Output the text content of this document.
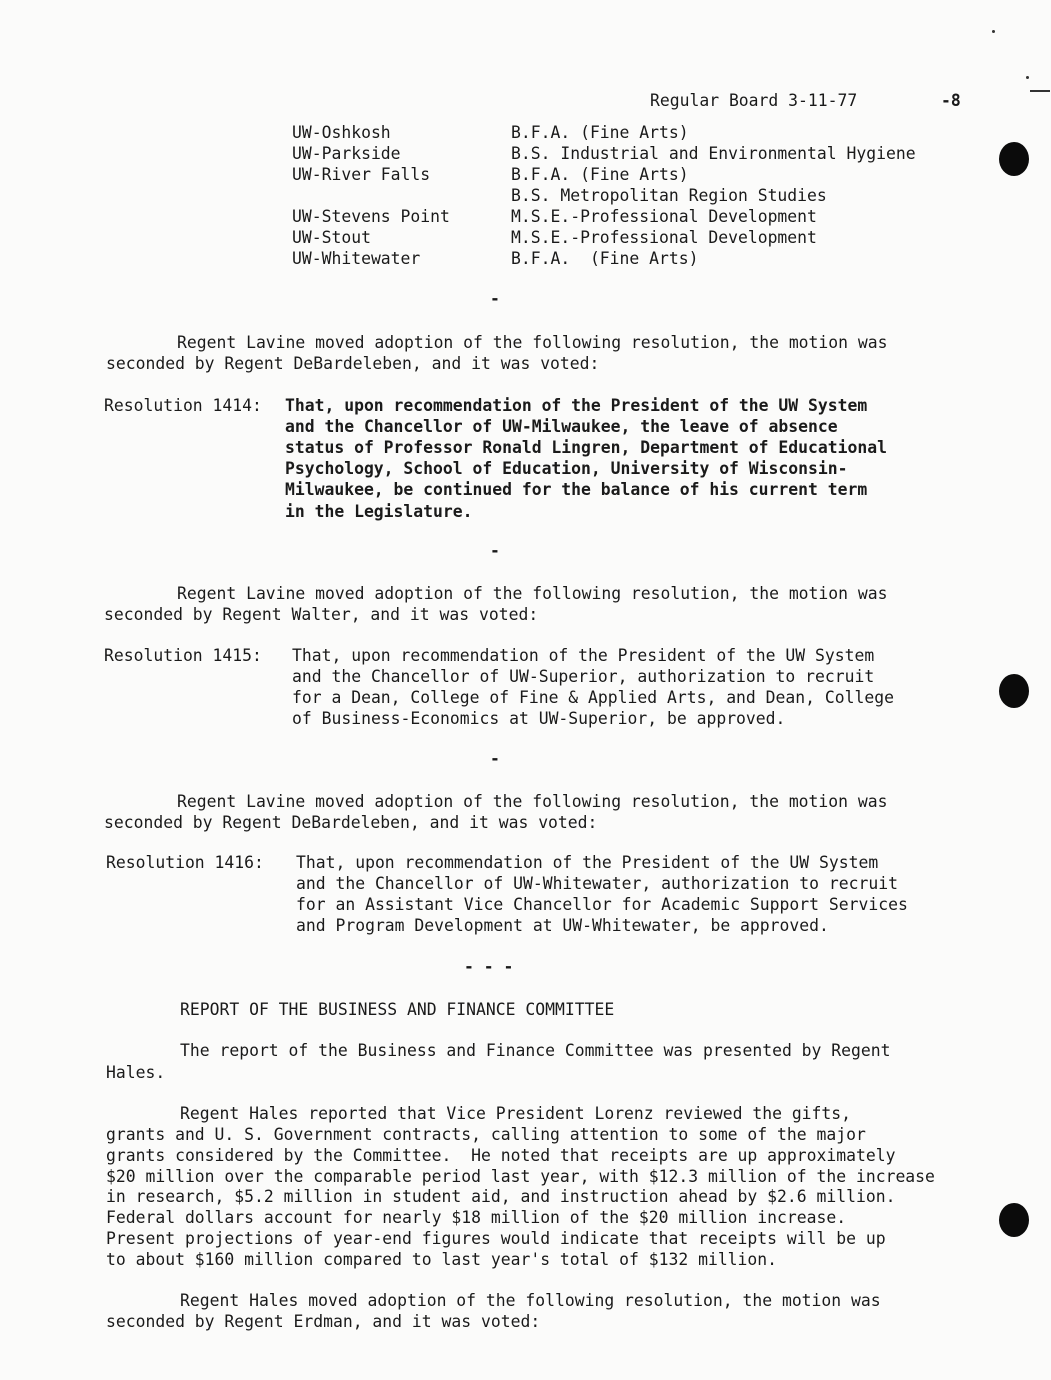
Regular Board 3-11-77	-8
UW-Oshkosh	B.F.A. (Fine Arts)
UW-Parkside	B.S. Industrial and Environmental Hygiene
UW-River Falls	B.F.A. (Fine Arts)
B.S. Metropolitan Region Studies
UW-Stevens Point	M.S.E.-Professional Development
UW-Stout	M.S.E.-Professional Development
UW-Whitewater	B.F.A.  (Fine Arts)
-
Regent Lavine moved adoption of the following resolution, the motion was
seconded by Regent DeBardeleben, and it was voted:
Resolution 1414: That, upon recommendation of the President of the UW System
and the Chancellor of UW-Milwaukee, the leave of absence
status of Professor Ronald Lingren, Department of Educational
Psychology, School of Education, University of Wisconsin-
Milwaukee, be continued for the balance of his current term
in the Legislature.
-
Regent Lavine moved adoption of the following resolution, the motion was
seconded by Regent Walter, and it was voted:
Resolution 1415: That, upon recommendation of the President of the UW System
and the Chancellor of UW-Superior, authorization to recruit
for a Dean, College of Fine & Applied Arts, and Dean, College
of Business-Economics at UW-Superior, be approved.
-
Regent Lavine moved adoption of the following resolution, the motion was
seconded by Regent DeBardeleben, and it was voted:
Resolution 1416: That, upon recommendation of the President of the UW System
and the Chancellor of UW-Whitewater, authorization to recruit
for an Assistant Vice Chancellor for Academic Support Services
and Program Development at UW-Whitewater, be approved.
- - -
REPORT OF THE BUSINESS AND FINANCE COMMITTEE
The report of the Business and Finance Committee was presented by Regent
Hales.
Regent Hales reported that Vice President Lorenz reviewed the gifts,
grants and U. S. Government contracts, calling attention to some of the major
grants considered by the Committee.  He noted that receipts are up approximately
$20 million over the comparable period last year, with $12.3 million of the increase
in research, $5.2 million in student aid, and instruction ahead by $2.6 million.
Federal dollars account for nearly $18 million of the $20 million increase.
Present projections of year-end figures would indicate that receipts will be up
to about $160 million compared to last year's total of $132 million.
Regent Hales moved adoption of the following resolution, the motion was
seconded by Regent Erdman, and it was voted:
